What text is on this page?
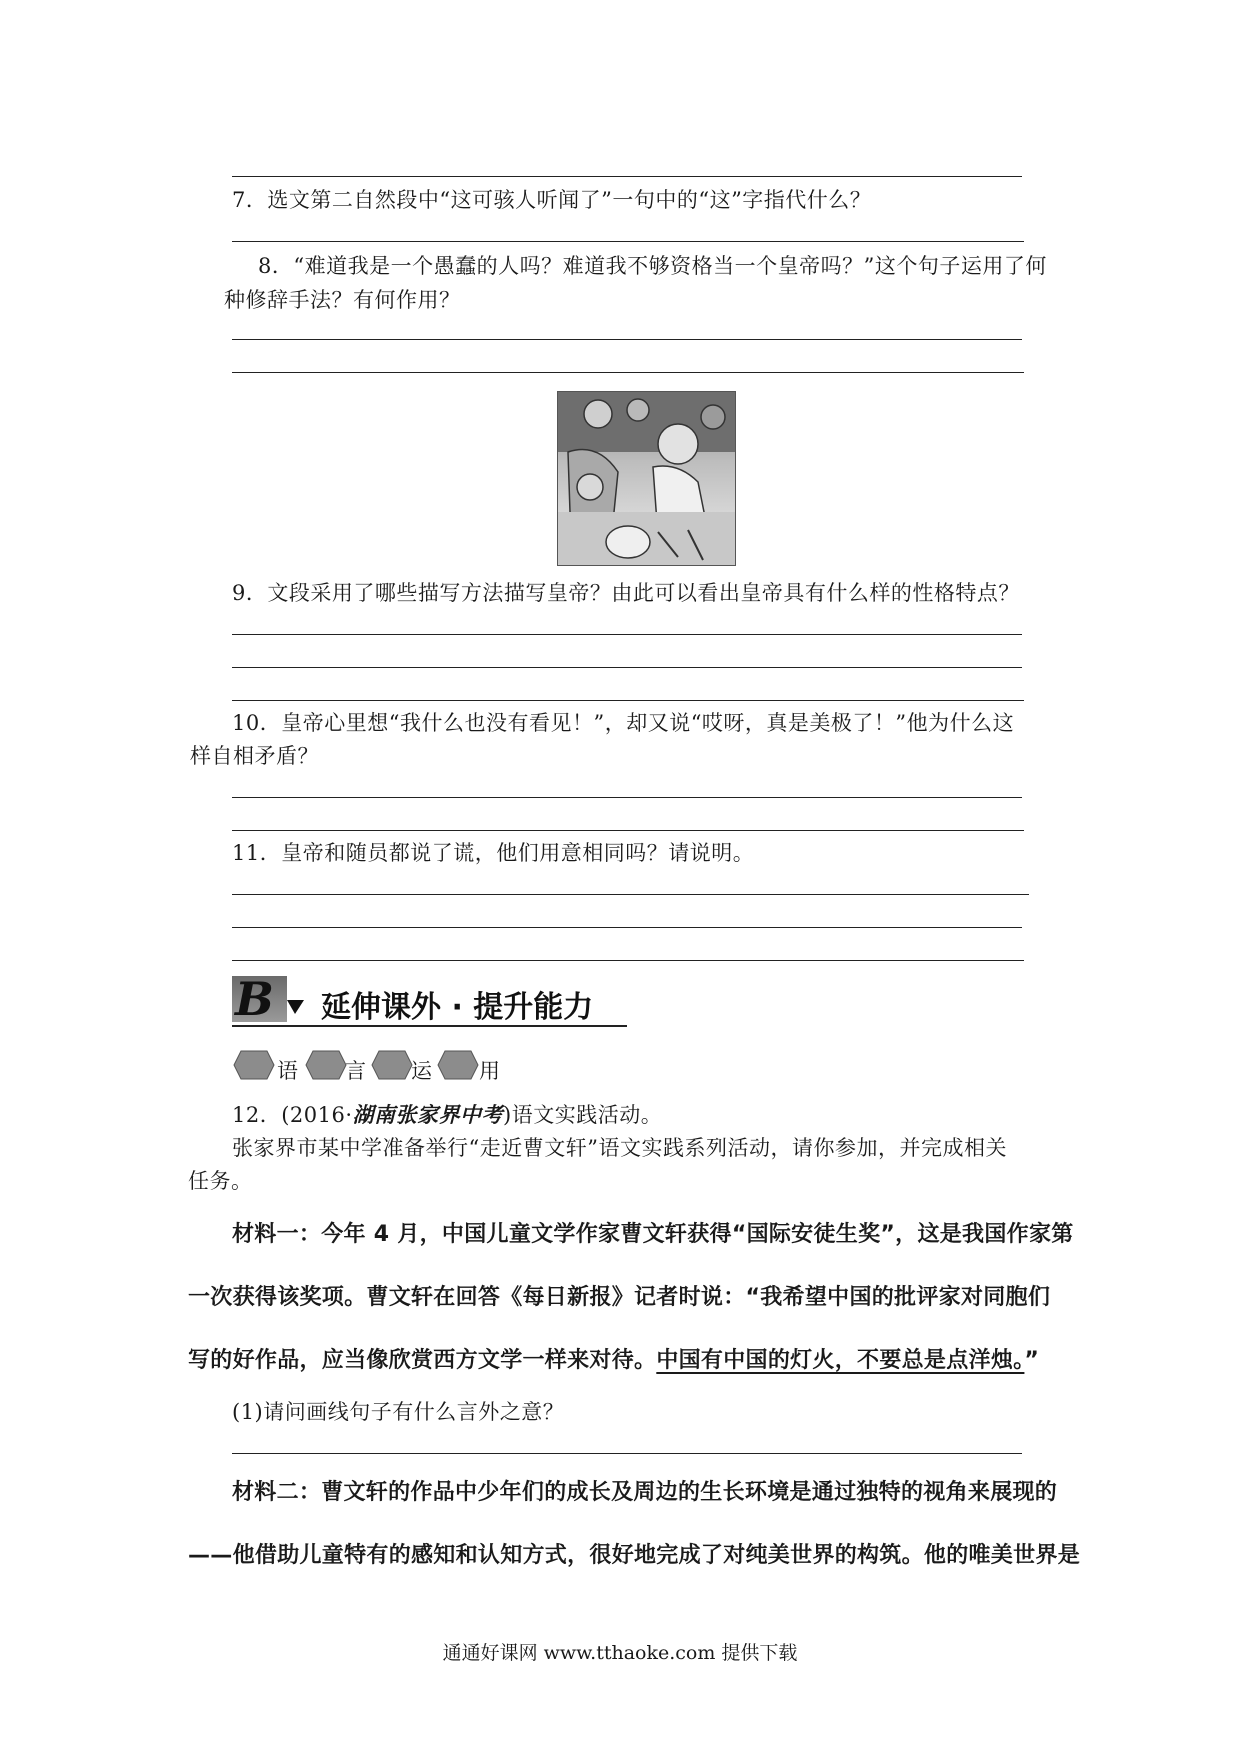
7．选文第二自然段中“这可骇人听闻了”一句中的“这”字指代什么？
8．“难道我是一个愚蠢的人吗？难道我不够资格当一个皇帝吗？”这个句子运用了何
种修辞手法？有何作用？
9．文段采用了哪些描写方法描写皇帝？由此可以看出皇帝具有什么样的性格特点？
10．皇帝心里想“我什么也没有看见！”，却又说“哎呀，真是美极了！”他为什么这
样自相矛盾？
11．皇帝和随员都说了谎，他们用意相同吗？请说明。
B 延伸课外 · 提升能力
语 言 运 用
12．(2016·湖南张家界中考)语文实践活动。
张家界市某中学准备举行“走近曹文轩”语文实践系列活动，请你参加，并完成相关
任务。
材料一：今年 4 月，中国儿童文学作家曹文轩获得“国际安徒生奖”，这是我国作家第
一次获得该奖项。曹文轩在回答《每日新报》记者时说：“我希望中国的批评家对同胞们
写的好作品，应当像欣赏西方文学一样来对待。中国有中国的灯火，不要总是点洋烛。”
(1)请问画线句子有什么言外之意？
材料二：曹文轩的作品中少年们的成长及周边的生长环境是通过独特的视角来展现的
——他借助儿童特有的感知和认知方式，很好地完成了对纯美世界的构筑。他的唯美世界是
通通好课网 www.tthaoke.com 提供下载
